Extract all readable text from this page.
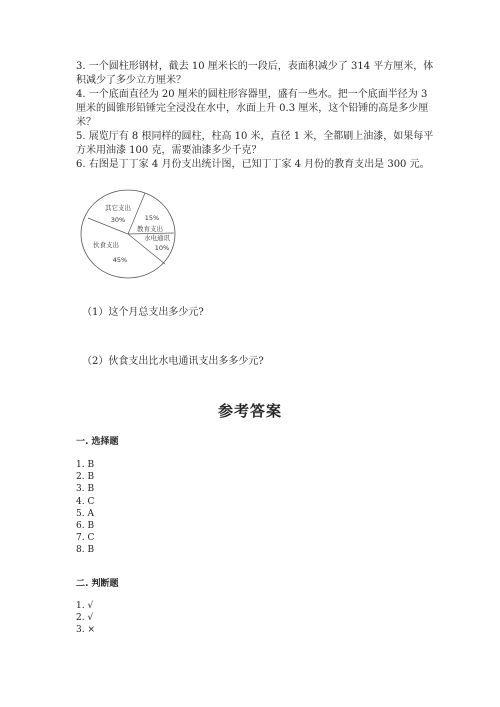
3. 一个圆柱形钢材，截去 10 厘米长的一段后，表面积减少了 314 平方厘米，体积减少了多少立方厘米？

4. 一个底面直径为 20 厘米的圆柱形容器里，盛有一些水。把一个底面半径为 3 厘米的圆锥形铅锤完全浸没在水中，水面上升 0.3 厘米，这个铅锤的高是多少厘米？

5. 展览厅有 8 根同样的圆柱，柱高 10 米，直径 1 米，全都刷上油漆，如果每平方米用油漆 100 克，需要油漆多少千克？

6. 右图是丁丁家 4 月份支出统计图，已知丁丁家 4 月份的教育支出是 300 元。

其它支出
30%	15%
教育支出
水电通讯
10%
伙食支出
45%
（1）这个月总支出多少元?
（2）伙食支出比水电通讯支出多多少元?
参考答案
一. 选择题
1. B
2. B
3. B
4. C
5. A
6. B
7. C
8. B
二. 判断题
1. √
2. √
3. ×
